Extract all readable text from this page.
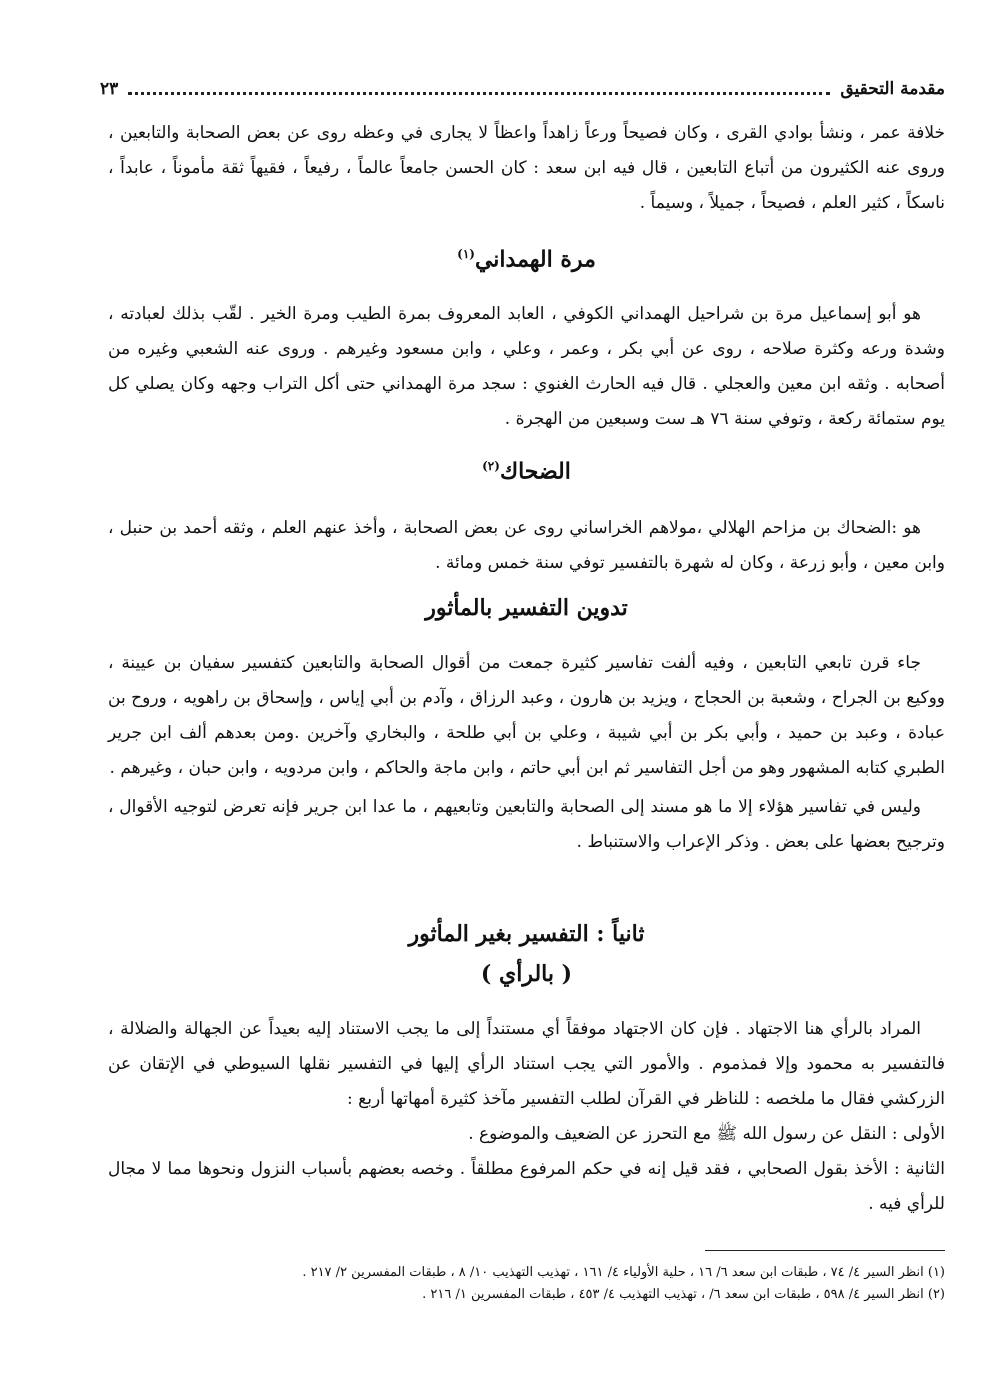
مقدمة التحقيق
٢٣

خلافة عمر ، ونشأ بوادي القرى ، وكان فصيحاً ورعاً زاهداً واعظاً لا يجارى في وعظه روى عن بعض الصحابة والتابعين ، وروى عنه الكثيرون من أتباع التابعين ، قال فيه ابن سعد : كان الحسن جامعاً عالماً ، رفيعاً ، فقيهاً ثقة مأموناً ، عابداً ، ناسكاً ، كثير العلم ، فصيحاً ، جميلاً ، وسيماً .

مرة الهمداني$^{(١)}$

هو أبو إسماعيل مرة بن شراحيل الهمداني الكوفي ، العابد المعروف بمرة الطيب ومرة الخير . لقّب بذلك لعبادته ، وشدة ورعه وكثرة صلاحه ، روى عن أبي بكر ، وعمر ، وعلي ، وابن مسعود وغيرهم . وروى عنه الشعبي وغيره من أصحابه . وثقه ابن معين والعجلي . قال فيه الحارث الغنوي : سجد مرة الهمداني حتى أكل التراب وجهه وكان يصلي كل يوم ستمائة ركعة ، وتوفي سنة ٧٦ هـ ست وسبعين من الهجرة .

الضحاك$^{(٢)}$

هو :الضحاك بن مزاحم الهلالي ،مولاهم الخراساني روى عن بعض الصحابة ، وأخذ عنهم العلم ، وثقه أحمد بن حنبل ، وابن معين ، وأبو زرعة ، وكان له شهرة بالتفسير توفي سنة خمس ومائة .

تدوين التفسير بالمأثور

جاء قرن تابعي التابعين ، وفيه ألفت تفاسير كثيرة جمعت من أقوال الصحابة والتابعين كتفسير سفيان بن عيينة ، ووكيع بن الجراح ، وشعبة بن الحجاج ، ويزيد بن هارون ، وعبد الرزاق ، وآدم بن أبي إياس ، وإسحاق بن راهويه ، وروح بن عبادة ، وعبد بن حميد ، وأبي بكر بن أبي شيبة ، وعلي بن أبي طلحة ، والبخاري وآخرين .ومن بعدهم ألف ابن جرير الطبري كتابه المشهور وهو من أجل التفاسير ثم ابن أبي حاتم ، وابن ماجة والحاكم ، وابن مردويه ، وابن حبان ، وغيرهم .

وليس في تفاسير هؤلاء إلا ما هو مسند إلى الصحابة والتابعين وتابعيهم ، ما عدا ابن جرير فإنه تعرض لتوجيه الأقوال ، وترجيح بعضها على بعض . وذكر الإعراب والاستنباط .

ثانياً : التفسير بغير المأثور
( بالرأي )

المراد بالرأي هنا الاجتهاد . فإن كان الاجتهاد موفقاً أي مستنداً إلى ما يجب الاستناد إليه بعيداً عن الجهالة والضلالة ، فالتفسير به محمود وإلا فمذموم . والأمور التي يجب استناد الرأي إليها في التفسير نقلها السيوطي في الإتقان عن الزركشي فقال ما ملخصه : للناظر في القرآن لطلب التفسير مآخذ كثيرة أمهاتها أربع :

الأولى : النقل عن رسول الله ﷺ مع التحرز عن الضعيف والموضوع .

الثانية : الأخذ بقول الصحابي ، فقد قيل إنه في حكم المرفوع مطلقاً . وخصه بعضهم بأسباب النزول ونحوها مما لا مجال للرأي فيه .

(١) انظر السير ٤/ ٧٤ ، طبقات ابن سعد ٦/ ١٦ ، حلية الأولياء ٤/ ١٦١ ، تهذيب التهذيب ١٠/ ٨ ، طبقات المفسرين ٢/ ٢١٧ .

(٢) انظر السير ٤/ ٥٩٨ ، طبقات ابن سعد ٦/ ، تهذيب التهذيب ٤/ ٤٥٣ ، طبقات المفسرين ١/ ٢١٦ .
